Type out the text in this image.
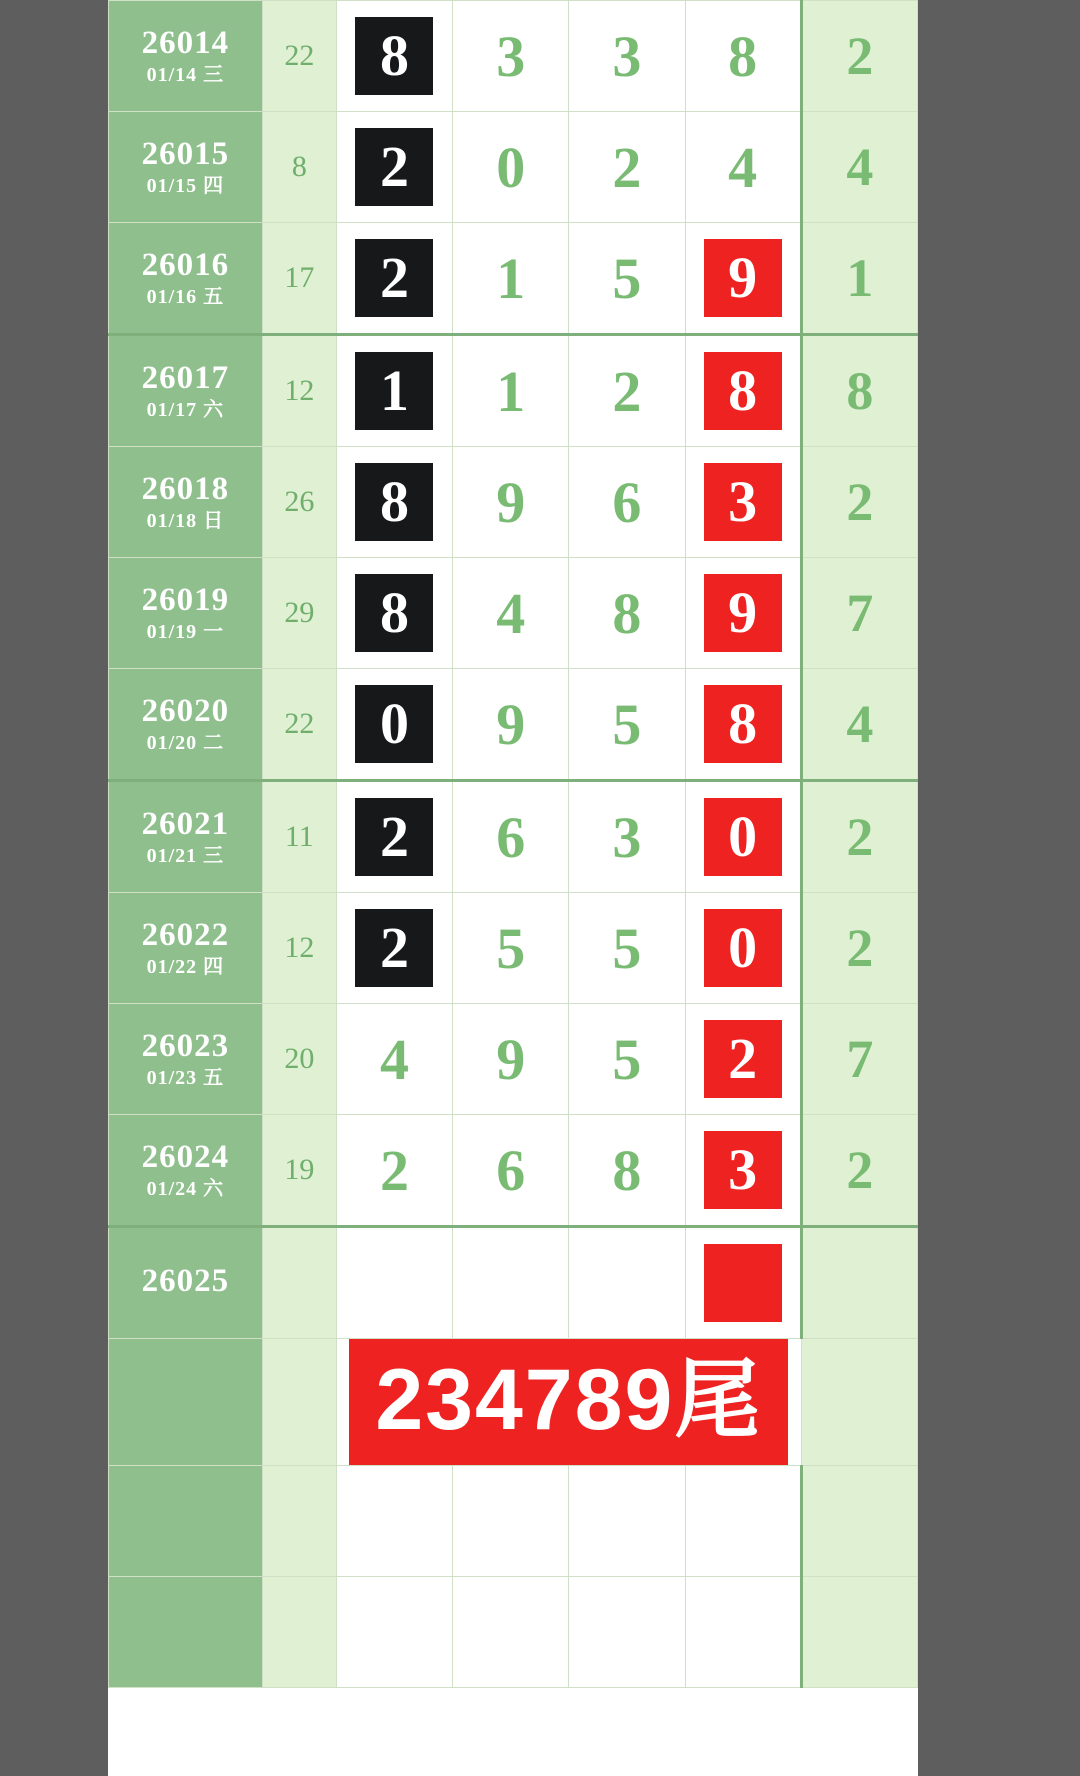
26014
01/14 三	22	8	3	3	8	2

26015
01/15 四	8	2	0	2	4	4

26016
01/16 五	17	2	1	5	9	1

26017
01/17 六	12	1	1	2	8	8

26018
01/18 日	26	8	9	6	3	2

26019
01/19 一	29	8	4	8	9	7

26020
01/20 二	22	0	9	5	8	4

26021
01/21 三	11	2	6	3	0	2

26022
01/22 四	12	2	5	5	0	2

26023
01/23 五	20	4	9	5	2	7

26024
01/24 六	19	2	6	8	3	2

26025						

		234789尾				
